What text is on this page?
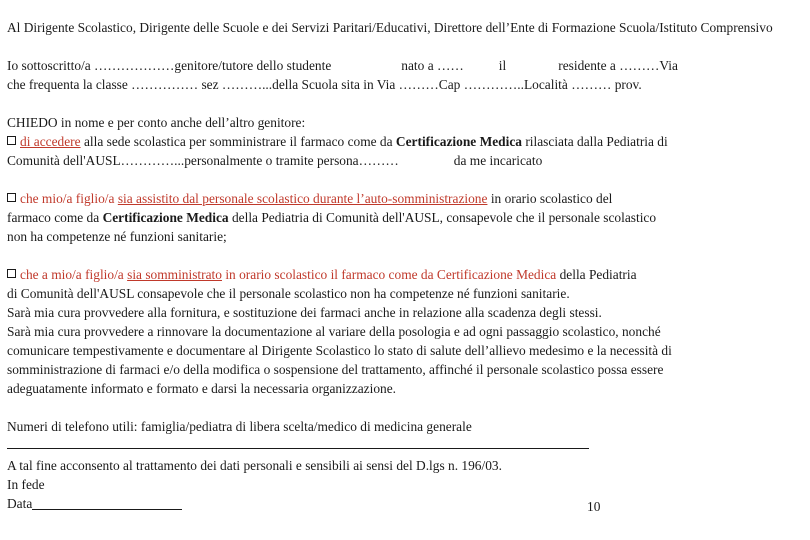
Al Dirigente Scolastico, Dirigente delle Scuole e dei Servizi Paritari/Educativi, Direttore dell’Ente di Formazione Scuola/Istituto Comprensivo

Io sottoscritto/a ………………genitore/tutore dello studente	nato a ……	il	residente a ………Via

che frequenta la classe …………… sez ………...della Scuola sita in Via ………Cap …………..Località ……… prov.

CHIEDO in nome e per conto anche dell’altro genitore:

di accedere alla sede scolastica per somministrare il farmaco come da Certificazione Medica rilasciata dalla Pediatria di

Comunità dell'AUSL…………...personalmente o tramite persona………	da me incaricato

che mio/a figlio/a sia assistito dal personale scolastico durante l’auto-somministrazione in orario scolastico del

farmaco come da Certificazione Medica della Pediatria di Comunità dell'AUSL, consapevole che il personale scolastico

non ha competenze né funzioni sanitarie;

che a mio/a figlio/a sia somministrato in orario scolastico il farmaco come da Certificazione Medica della Pediatria

di Comunità dell'AUSL consapevole che il personale scolastico non ha competenze né funzioni sanitarie.

Sarà mia cura provvedere alla fornitura, e sostituzione dei farmaci anche in relazione alla scadenza degli stessi.

Sarà mia cura provvedere a rinnovare la documentazione al variare della posologia e ad ogni passaggio scolastico, nonché

comunicare tempestivamente e documentare al Dirigente Scolastico lo stato di salute dell’allievo medesimo e la necessità di

somministrazione di farmaci e/o della modifica o sospensione del trattamento, affinché il personale scolastico possa essere

adeguatamente informato e formato e darsi la necessaria organizzazione.

Numeri di telefono utili: famiglia/pediatra di libera scelta/medico di medicina generale

A tal fine acconsento al trattamento dei dati personali e sensibili ai sensi del D.lgs n. 196/03.

In fede

Data	10
